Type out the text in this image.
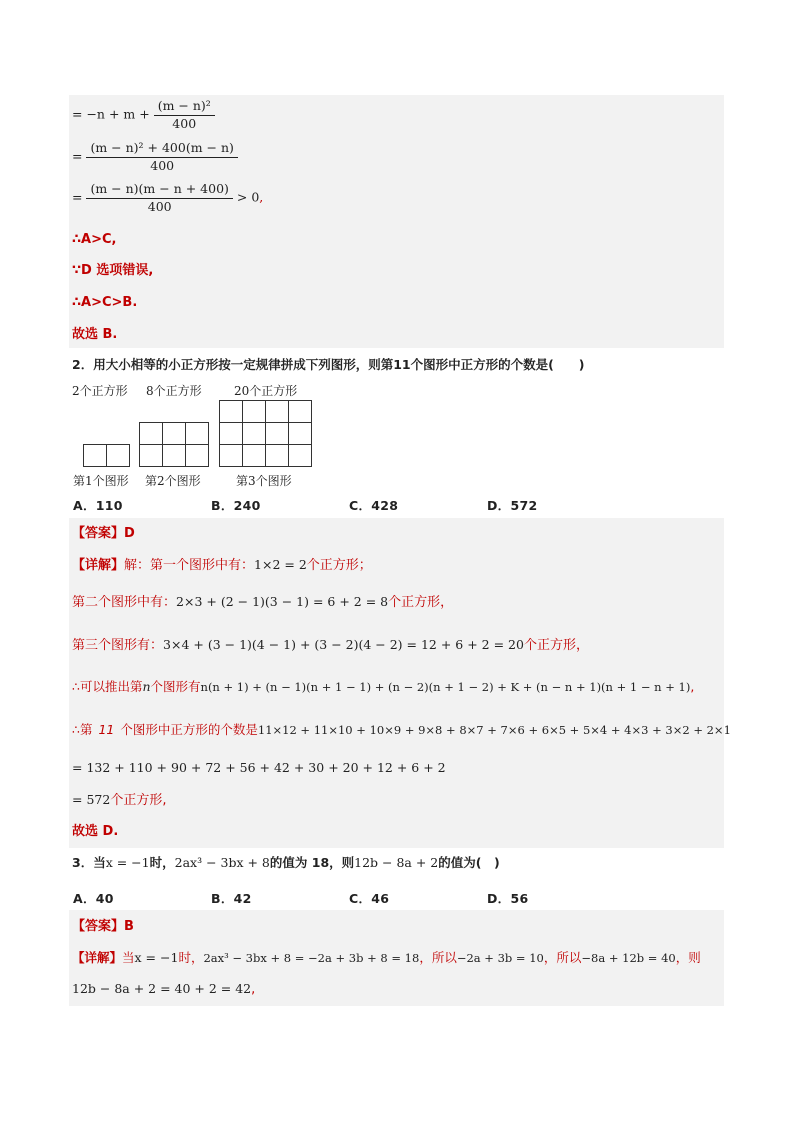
= $-n + m + \frac{\text{(m − n)²}}{400}$
= $\frac{\text{(m − n)² + 400(m − n)}}{400}$
= $\frac{(m - n)(m - n + 400)}{400} > 0$,
∴A>C,
∵D 选项错误,
∴A>C>B.
故选 B.
2．用大小相等的小正方形按一定规律拼成下列图形，则第11个图形中正方形的个数是(　　)
2个正方形 8个正方形	20个正方形

第1个图形 第2个图形	第3个图形
A．110	B．240	C．428	D．572
【答案】D
【详解】解：第一个图形中有：1×2 = 2个正方形；
第二个图形中有：2×3 + (2 − 1)(3 − 1) = 6 + 2 = 8个正方形，
第三个图形有：3×4 + (3 − 1)(4 − 1) + (3 − 2)(4 − 2) = 12 + 6 + 2 = 20个正方形，
∴可以推出第n个图形有n(n + 1) + (n − 1)(n + 1 − 1) + (n − 2)(n + 1 − 2) + K + (n − n + 1)(n + 1 − n + 1),
∴第 11 个图形中正方形的个数是11×12 + 11×10 + 10×9 + 9×8 + 8×7 + 7×6 + 6×5 + 5×4 + 4×3 + 3×2 + 2×1
= 132 + 110 + 90 + 72 + 56 + 42 + 30 + 20 + 12 + 6 + 2
= 572个正方形,
故选 D.
3．当x = −1时，2ax³ − 3bx + 8的值为 18，则12b − 8a + 2的值为(　)
A．40	B．42	C．46	D．56
【答案】B
【详解】当x = −1时，2ax³ − 3bx + 8 = −2a + 3b + 8 = 18，所以−2a + 3b = 10，所以−8a + 12b = 40，则
12b − 8a + 2 = 40 + 2 = 42,
